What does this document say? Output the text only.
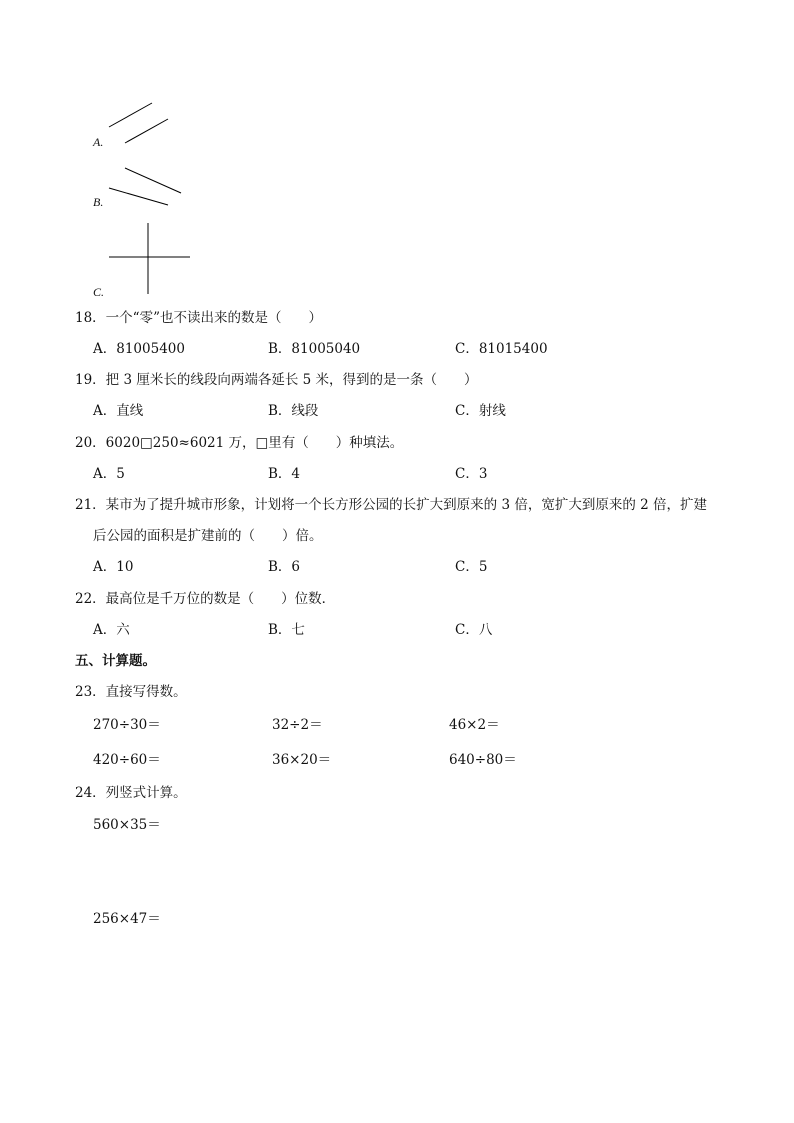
A.
B.
C.
18．一个“零”也不读出来的数是（　　）
A．81005400	B．81005040	C．81015400
19．把 3 厘米长的线段向两端各延长 5 米，得到的是一条（　　）
A．直线	B．线段	C．射线
20．6020□250≈6021 万，□里有（　　）种填法。
A．5	B．4	C．3
21．某市为了提升城市形象，计划将一个长方形公园的长扩大到原来的 3 倍，宽扩大到原来的 2 倍，扩建
后公园的面积是扩建前的（　　）倍。
A．10	B．6	C．5
22．最高位是千万位的数是（　　）位数．
A．六	B．七	C．八
五、计算题。
23．直接写得数。
270÷30＝	32÷2＝	46×2＝
420÷60＝	36×20＝	640÷80＝
24．列竖式计算。
560×35＝
256×47＝
